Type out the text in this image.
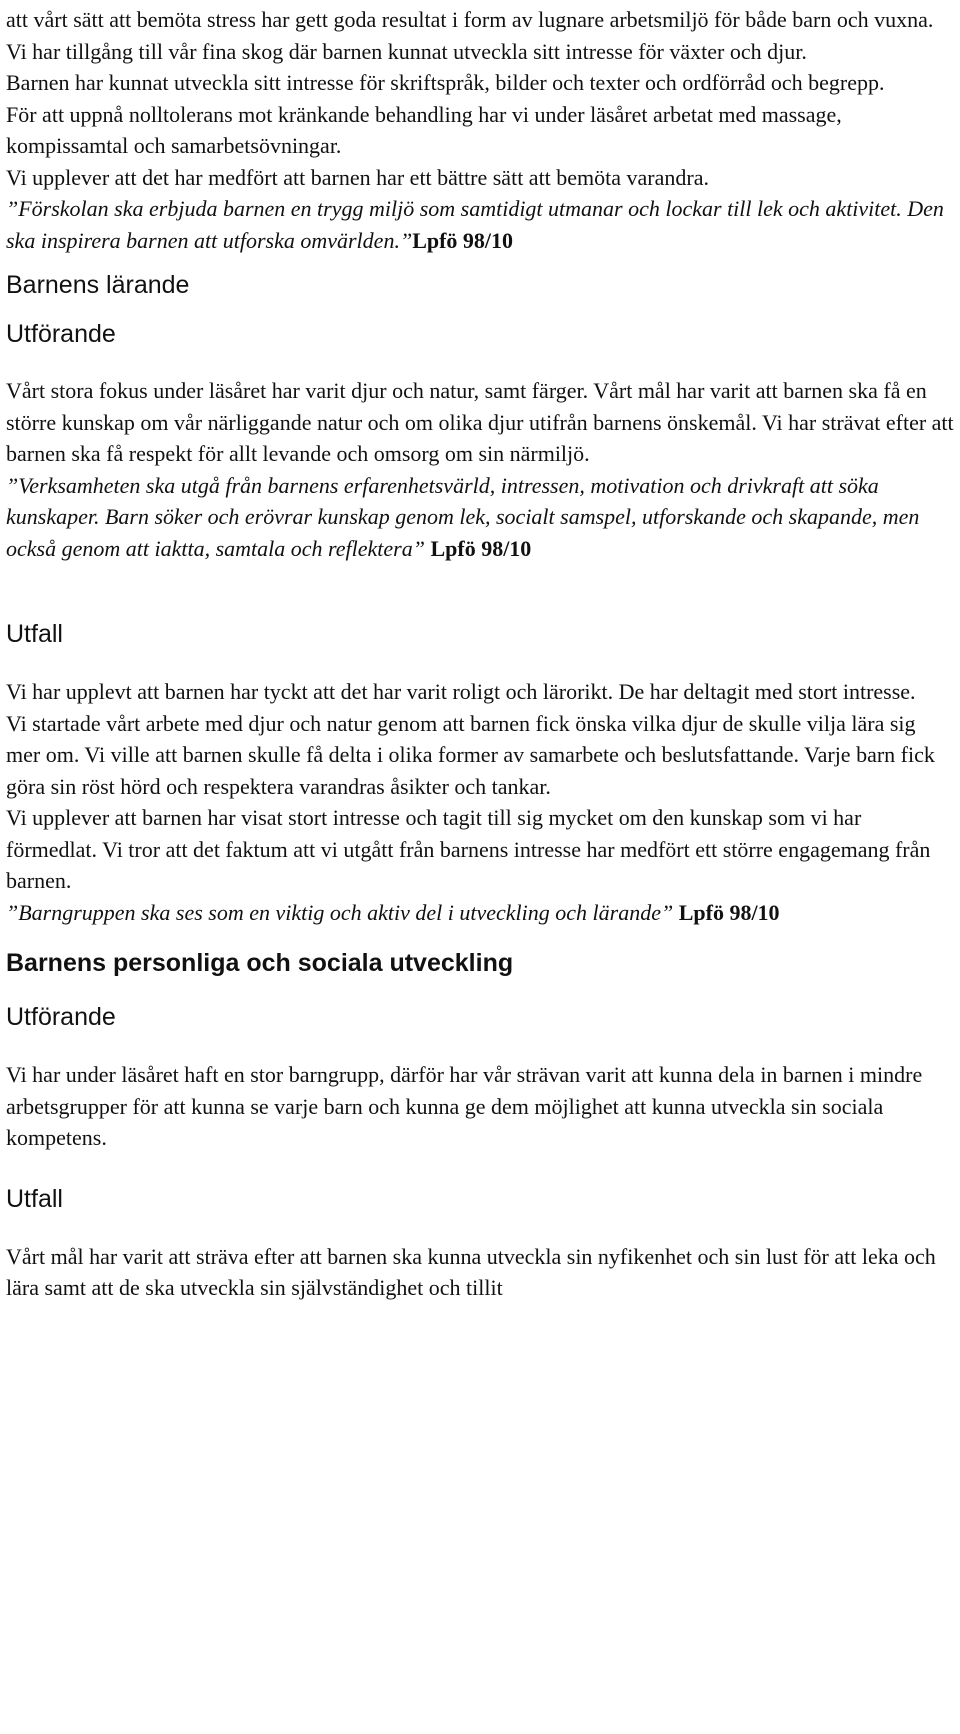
att vårt sätt att bemöta stress har gett goda resultat i form av lugnare arbetsmiljö för både barn och vuxna.

Vi har tillgång till vår fina skog där barnen kunnat utveckla sitt intresse för växter och djur.

Barnen har kunnat utveckla sitt intresse för skriftspråk, bilder och texter och ordförråd och begrepp.

För att uppnå nolltolerans mot kränkande behandling har vi under läsåret arbetat med massage, kompissamtal och samarbetsövningar.

Vi upplever att det har medfört att barnen har ett bättre sätt att bemöta varandra.

”Förskolan ska erbjuda barnen en trygg miljö som samtidigt utmanar och lockar till lek och aktivitet. Den ska inspirera barnen att utforska omvärlden.”Lpfö 98/10

Barnens lärande
Utförande

Vårt stora fokus under läsåret har varit djur och natur, samt färger. Vårt mål har varit att barnen ska få en större kunskap om vår närliggande natur och om olika djur utifrån barnens önskemål. Vi har strävat efter att barnen ska få respekt för allt levande och omsorg om sin närmiljö.

”Verksamheten ska utgå från barnens erfarenhetsvärld, intressen, motivation och drivkraft att söka kunskaper. Barn söker och erövrar kunskap genom lek, socialt samspel, utforskande och skapande, men också genom att iaktta, samtala och reflektera” Lpfö 98/10

Utfall

Vi har upplevt att barnen har tyckt att det har varit roligt och lärorikt. De har deltagit med stort intresse.

Vi startade vårt arbete med djur och natur genom att barnen fick önska vilka djur de skulle vilja lära sig mer om. Vi ville att barnen skulle få delta i olika former av samarbete och beslutsfattande. Varje barn fick göra sin röst hörd och respektera varandras åsikter och tankar.

Vi upplever att barnen har visat stort intresse och tagit till sig mycket om den kunskap som vi har förmedlat. Vi tror att det faktum att vi utgått från barnens intresse har medfört ett större engagemang från barnen.

”Barngruppen ska ses som en viktig och aktiv del i utveckling och lärande” Lpfö 98/10

Barnens personliga och sociala utveckling
Utförande

Vi har under läsåret haft en stor barngrupp, därför har vår strävan varit att kunna dela in barnen i mindre arbetsgrupper för att kunna se varje barn och kunna ge dem möjlighet att kunna utveckla sin sociala kompetens.

Utfall

Vårt mål har varit att sträva efter att barnen ska kunna utveckla sin nyfikenhet och sin lust för att leka och lära samt att de ska utveckla sin självständighet och tillit
